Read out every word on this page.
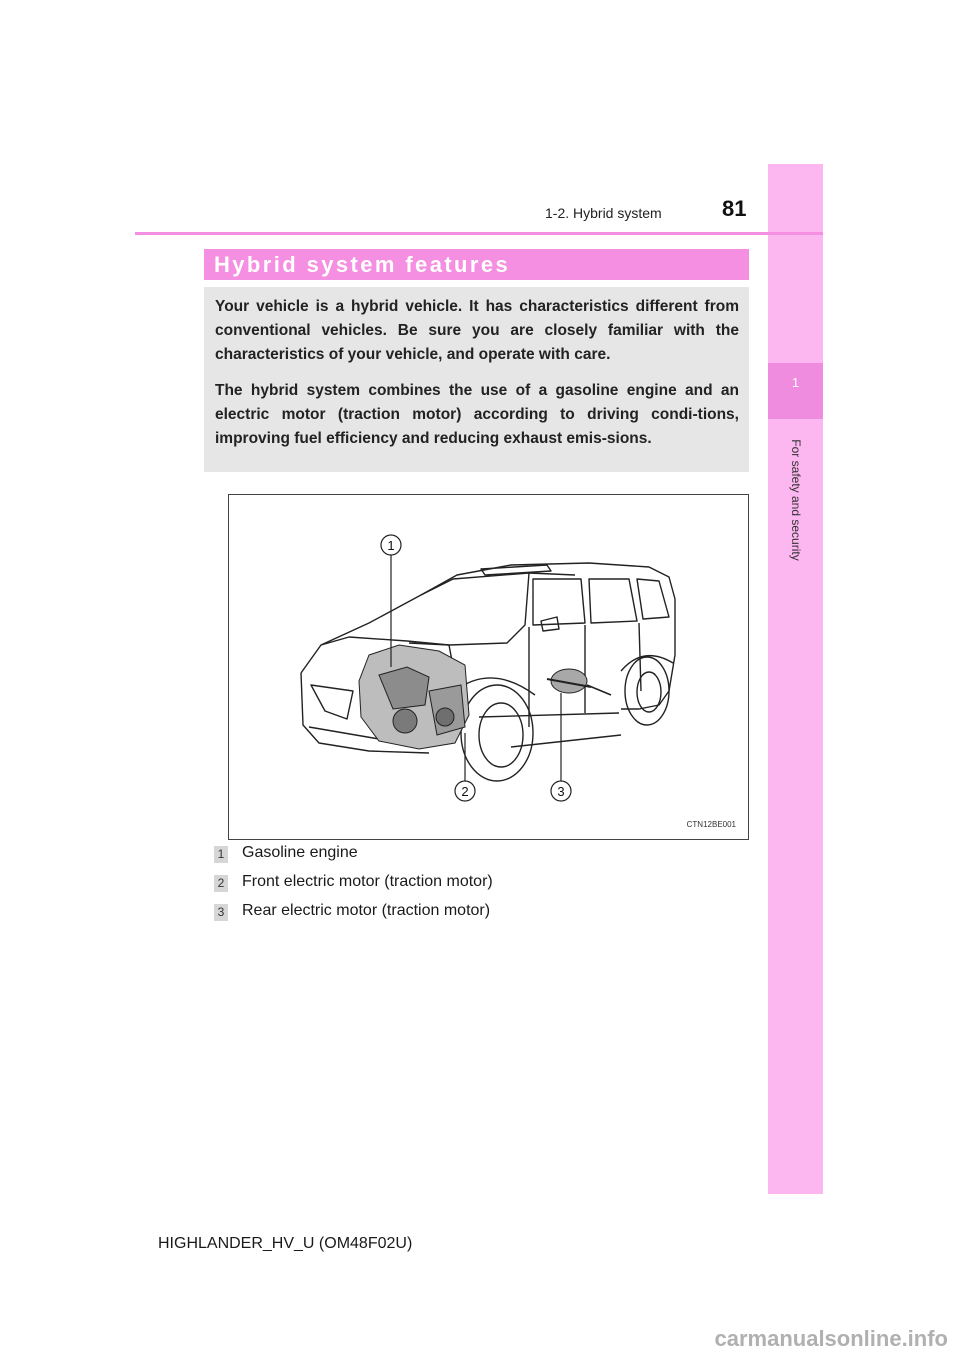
1
For safety and security
1-2. Hybrid system	81
Hybrid system features

Your vehicle is a hybrid vehicle. It has characteristics different from conventional vehicles. Be sure you are closely familiar with the characteristics of your vehicle, and operate with care.

The hybrid system combines the use of a gasoline engine and an electric motor (traction motor) according to driving condi-tions, improving fuel efficiency and reducing exhaust emis-sions.

1
2	3
CTN12BE001
1 Gasoline engine
2 Front electric motor (traction motor)
3 Rear electric motor (traction motor)
HIGHLANDER_HV_U (OM48F02U)
carmanualsonline.info
